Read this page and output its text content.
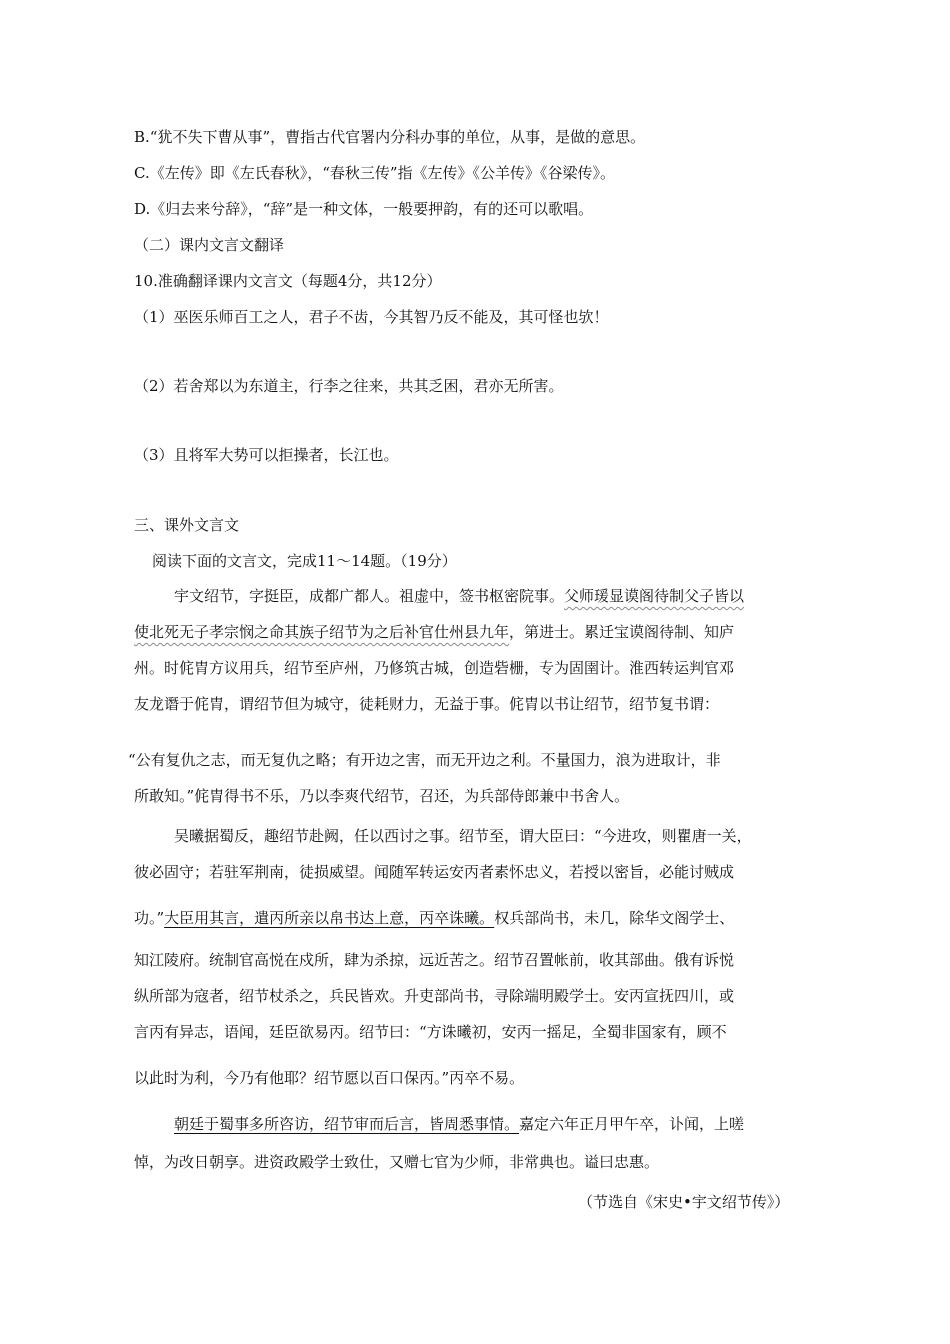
B.“犹不失下曹从事”，曹指古代官署内分科办事的单位，从事，是做的意思。
C.《左传》即《左氏春秋》，“春秋三传”指《左传》《公羊传》《谷梁传》。
D.《归去来兮辞》，“辞”是一种文体，一般要押韵，有的还可以歌唱。
（二）课内文言文翻译
10.准确翻译课内文言文（每题4分，共12分）
（1）巫医乐师百工之人，君子不齿，今其智乃反不能及，其可怪也欤！
（2）若舍郑以为东道主，行李之往来，共其乏困，君亦无所害。
（3）且将军大势可以拒操者，长江也。
三、课外文言文
阅读下面的文言文，完成11～14题。（19分）
宇文绍节，字挺臣，成都广都人。祖虚中，签书枢密院事。父师瑗显谟阁待制父子皆以
使北死无子孝宗悯之命其族子绍节为之后补官仕州县九年，第进士。累迁宝谟阁待制、知庐
州。时侂胄方议用兵，绍节至庐州，乃修筑古城，创造砦栅，专为固圉计。淮西转运判官邓
友龙谮于侂胄，谓绍节但为城守，徒耗财力，无益于事。侂胄以书让绍节，绍节复书谓：
“公有复仇之志，而无复仇之略；有开边之害，而无开边之利。不量国力，浪为进取计，非
所敢知。”侂胄得书不乐，乃以李爽代绍节，召还，为兵部侍郎兼中书舍人。
吴曦据蜀反，趣绍节赴阙，任以西讨之事。绍节至，谓大臣曰：“今进攻，则瞿唐一关，
彼必固守；若驻军荆南，徒损威望。闻随军转运安丙者素怀忠义，若授以密旨，必能讨贼成
功。”大臣用其言，遣丙所亲以帛书达上意，丙卒诛曦。权兵部尚书，未几，除华文阁学士、
知江陵府。统制官高悦在戍所，肆为杀掠，远近苦之。绍节召置帐前，收其部曲。俄有诉悦
纵所部为寇者，绍节杖杀之，兵民皆欢。升吏部尚书，寻除端明殿学士。安丙宣抚四川，或
言丙有异志，语闻，廷臣欲易丙。绍节曰：“方诛曦初，安丙一摇足，全蜀非国家有，顾不
以此时为利，今乃有他耶？绍节愿以百口保丙。”丙卒不易。
朝廷于蜀事多所咨访，绍节审而后言，皆周悉事情。嘉定六年正月甲午卒，讣闻，上嗟
悼，为改日朝享。进资政殿学士致仕，又赠七官为少师，非常典也。谥曰忠惠。
（节选自《宋史•宇文绍节传》）
